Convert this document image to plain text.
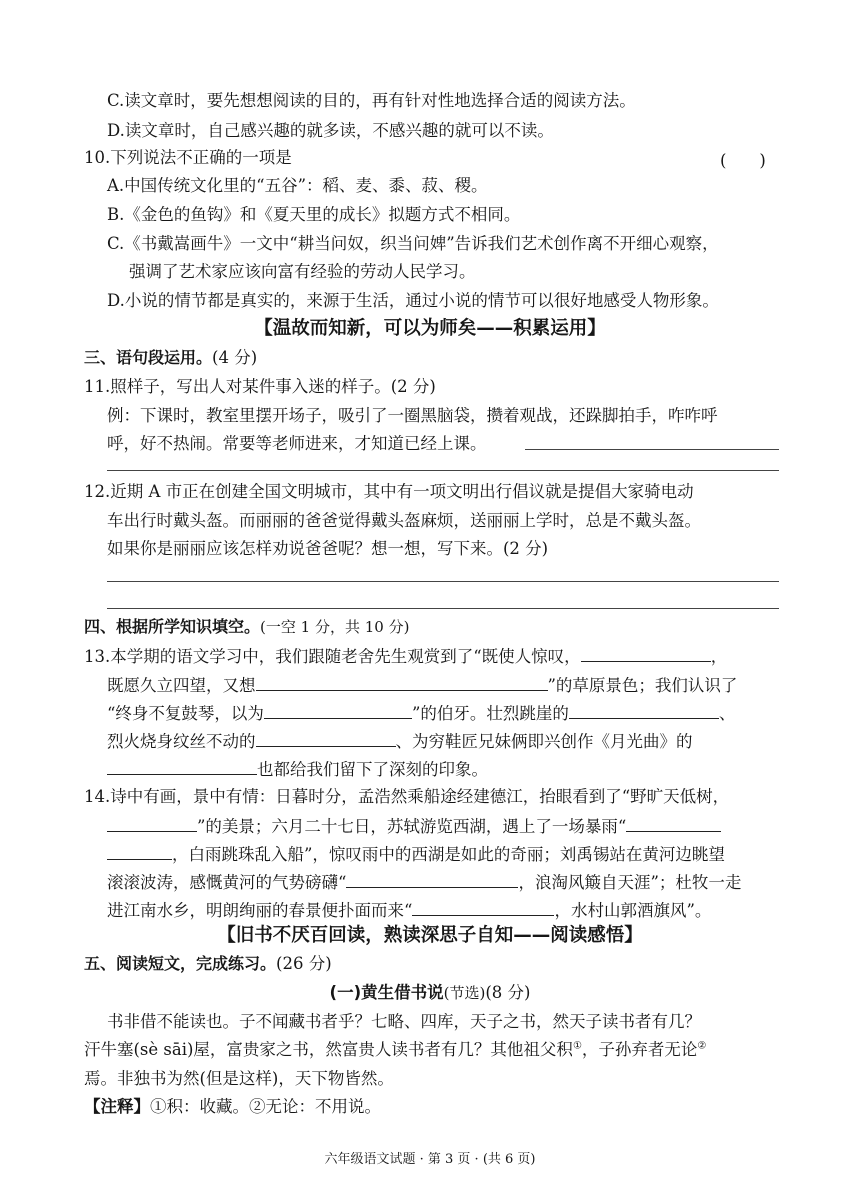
C.读文章时，要先想想阅读的目的，再有针对性地选择合适的阅读方法。
D.读文章时，自己感兴趣的就多读，不感兴趣的就可以不读。
10.下列说法不正确的一项是	(　　)
A.中国传统文化里的“五谷”：稻、麦、黍、菽、稷。
B.《金色的鱼钩》和《夏天里的成长》拟题方式不相同。
C.《书戴嵩画牛》一文中“耕当问奴，织当问婢”告诉我们艺术创作离不开细心观察，
强调了艺术家应该向富有经验的劳动人民学习。
D.小说的情节都是真实的，来源于生活，通过小说的情节可以很好地感受人物形象。
【温故而知新，可以为师矣——积累运用】
三、语句段运用。(4 分)
11.照样子，写出人对某件事入迷的样子。(2 分)
例：下课时，教室里摆开场子，吸引了一圈黑脑袋，攒着观战，还跺脚拍手，咋咋呼
呼，好不热闹。常要等老师进来，才知道已经上课。
12.近期 A 市正在创建全国文明城市，其中有一项文明出行倡议就是提倡大家骑电动
车出行时戴头盔。而丽丽的爸爸觉得戴头盔麻烦，送丽丽上学时，总是不戴头盔。
如果你是丽丽应该怎样劝说爸爸呢？想一想，写下来。(2 分)
四、根据所学知识填空。(一空 1 分，共 10 分)
13.本学期的语文学习中，我们跟随老舍先生观赏到了“既使人惊叹，	，
既愿久立四望，又想	”的草原景色；我们认识了
“终身不复鼓琴，以为	”的伯牙。壮烈跳崖的	、
烈火烧身纹丝不动的	、为穷鞋匠兄妹俩即兴创作《月光曲》的
也都给我们留下了深刻的印象。
14.诗中有画，景中有情：日暮时分，孟浩然乘船途经建德江，抬眼看到了“野旷天低树，
”的美景；六月二十七日，苏轼游览西湖，遇上了一场暴雨“
，白雨跳珠乱入船”，惊叹雨中的西湖是如此的奇丽；刘禹锡站在黄河边眺望
滚滚波涛，感慨黄河的气势磅礴“	，浪淘风簸自天涯”；杜牧一走
进江南水乡，明朗绚丽的春景便扑面而来“	，水村山郭酒旗风”。
【旧书不厌百回读，熟读深思子自知——阅读感悟】
五、阅读短文，完成练习。(26 分)
(一)黄生借书说(节选)(8 分)
书非借不能读也。子不闻藏书者乎？七略、四库，天子之书，然天子读书者有几？
汗牛塞(sè sāi)屋，富贵家之书，然富贵人读书者有几？其他祖父积①，子孙弃者无论②
焉。非独书为然(但是这样)，天下物皆然。
【注释】①积：收藏。②无论：不用说。
六年级语文试题 · 第 3 页 · (共 6 页)
